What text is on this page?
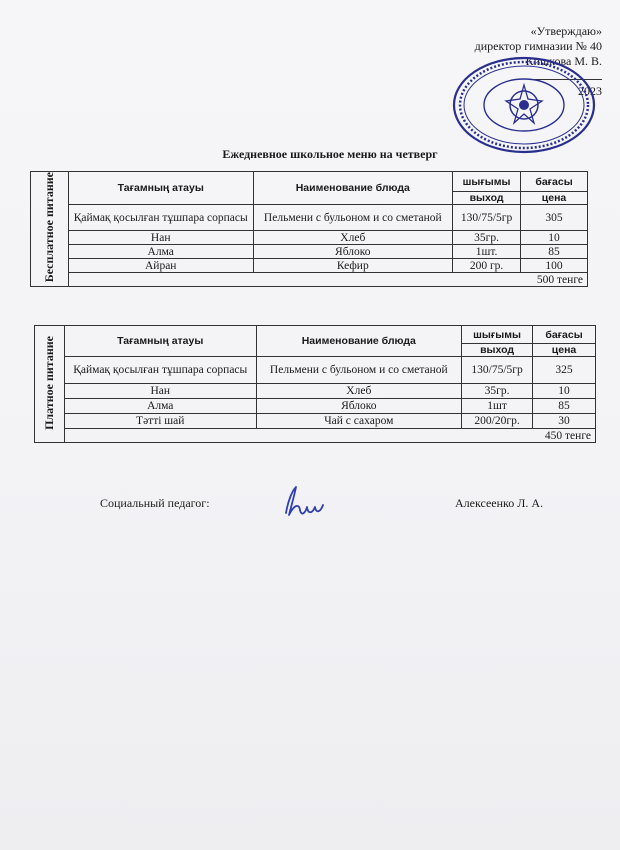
«Утверждаю»
директор гимназии № 40
Кишкова М. В.
2023
Ежедневное школьное меню на четверг
Бесплатное питание	Тағамның атауы	Наименование блюда	шығымы	бағасы
			выход	цена
	Қаймақ қосылған тұшпара сорпасы	Пельмени с бульоном и со сметаной	130/75/5гр	305
	Нан	Хлеб	35гр.	10
	Алма	Яблоко	1шт.	85
	Айран	Кефир	200 гр.	100
	500 тенге			
Платное питание	Тағамның атауы	Наименование блюда	шығымы	бағасы
			выход	цена
	Қаймақ қосылған тұшпара сорпасы	Пельмени с бульоном и со сметаной	130/75/5гр	325
	Нан	Хлеб	35гр.	10
	Алма	Яблоко	1шт	85
	Тәтті шай	Чай с сахаром	200/20гр.	30
	450 тенге			
Социальный педагог:	Алексеенко Л. А.
